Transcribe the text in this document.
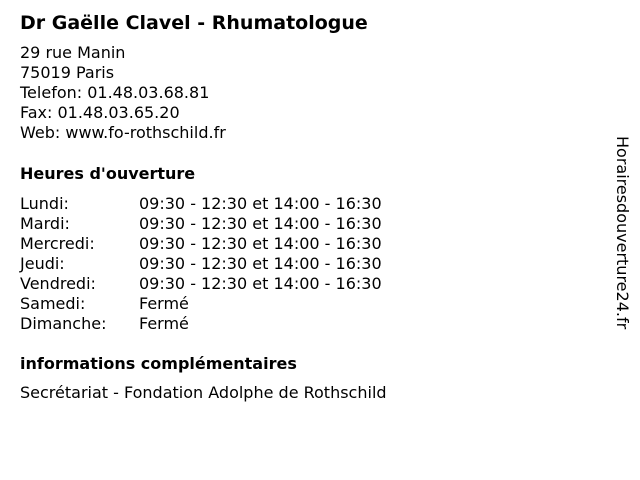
Dr Gaëlle Clavel - Rhumatologue
29 rue Manin
75019 Paris
Telefon: 01.48.03.68.81
Fax: 01.48.03.65.20
Web: www.fo-rothschild.fr
Heures d'ouverture
Lundi:	09:30 - 12:30 et 14:00 - 16:30
Mardi:	09:30 - 12:30 et 14:00 - 16:30
Mercredi:	09:30 - 12:30 et 14:00 - 16:30
Jeudi:	09:30 - 12:30 et 14:00 - 16:30
Vendredi:	09:30 - 12:30 et 14:00 - 16:30
Samedi:	Fermé
Dimanche:	Fermé
informations complémentaires
Secrétariat - Fondation Adolphe de Rothschild
Horairesdouverture24.fr
